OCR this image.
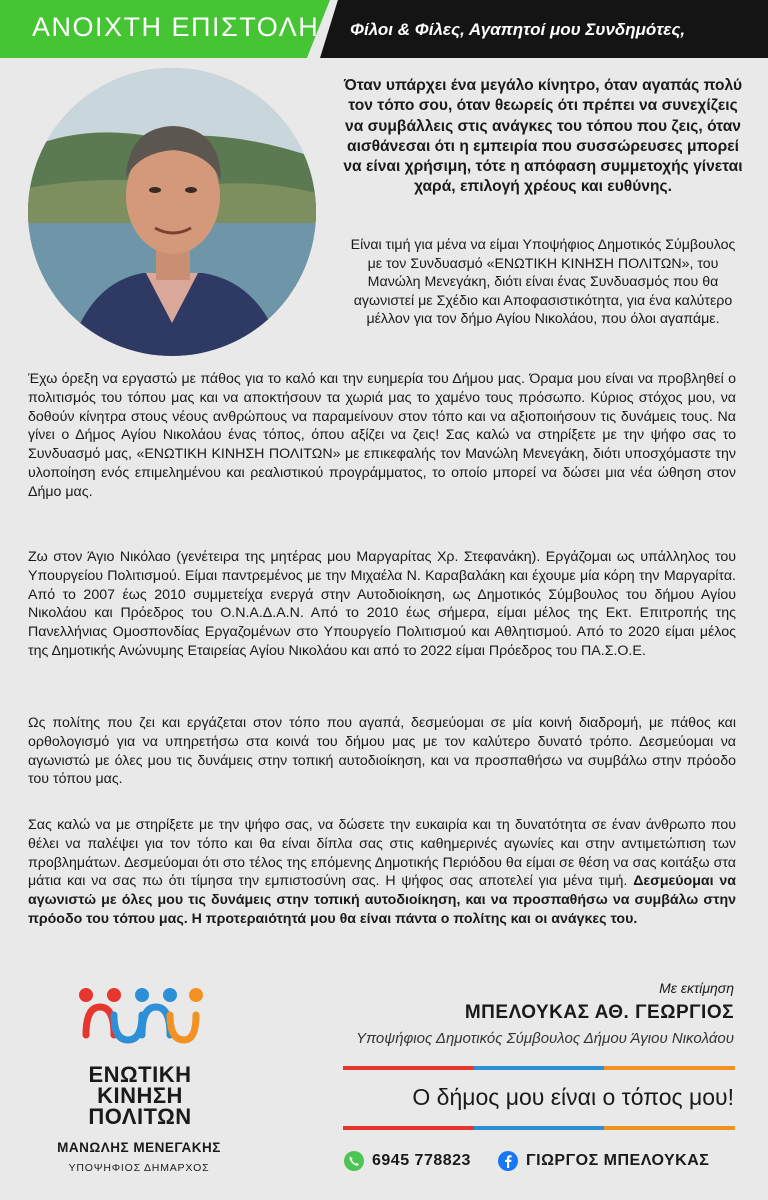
ΑΝΟΙΧΤΗ ΕΠΙΣΤΟΛΗ Φίλοι & Φίλες, Αγαπητοί μου Συνδημότες,
Όταν υπάρχει ένα μεγάλο κίνητρο, όταν αγαπάς πολύ τον τόπο σου, όταν θεωρείς ότι πρέπει να συνεχίζεις να συμβάλλεις στις ανάγκες του τόπου που ζεις, όταν αισθάνεσαι ότι η εμπειρία που συσσώρευσες μπορεί να είναι χρήσιμη, τότε η απόφαση συμμετοχής γίνεται χαρά, επιλογή χρέους και ευθύνης.
Είναι τιμή για μένα να είμαι Υποψήφιος Δημοτικός Σύμβουλος με τον Συνδυασμό «ΕΝΩΤΙΚΗ ΚΙΝΗΣΗ ΠΟΛΙΤΩΝ», του Μανώλη Μενεγάκη, διότι είναι ένας Συνδυασμός που θα αγωνιστεί με Σχέδιο και Αποφασιστικότητα, για ένα καλύτερο μέλλον για τον δήμο Αγίου Νικολάου, που όλοι αγαπάμε.
Έχω όρεξη να εργαστώ με πάθος για το καλό και την ευημερία του Δήμου μας. Όραμα μου είναι να προβληθεί ο πολιτισμός του τόπου μας και να αποκτήσουν τα χωριά μας το χαμένο τους πρόσωπο. Κύριος στόχος μου, να δοθούν κίνητρα στους νέους ανθρώπους να παραμείνουν στον τόπο και να αξιοποιήσουν τις δυνάμεις τους. Να γίνει ο Δήμος Αγίου Νικολάου ένας τόπος, όπου αξίζει να ζεις! Σας καλώ να στηρίξετε με την ψήφο σας το Συνδυασμό μας, «ΕΝΩΤΙΚΗ ΚΙΝΗΣΗ ΠΟΛΙΤΩΝ» με επικεφαλής τον Μανώλη Μενεγάκη, διότι υποσχόμαστε την υλοποίηση ενός επιμελημένου και ρεαλιστικού προγράμματος, το οποίο μπορεί να δώσει μια νέα ώθηση στον Δήμο μας.
Ζω στον Άγιο Νικόλαο (γενέτειρα της μητέρας μου Μαργαρίτας Χρ. Στεφανάκη). Εργάζομαι ως υπάλληλος του Υπουργείου Πολιτισμού. Είμαι παντρεμένος με την Μιχαέλα Ν. Καραβαλάκη και έχουμε μία κόρη την Μαργαρίτα. Από το 2007 έως 2010 συμμετείχα ενεργά στην Αυτοδιοίκηση, ως Δημοτικός Σύμβουλος του δήμου Αγίου Νικολάου και Πρόεδρος του Ο.Ν.Α.Δ.Α.Ν. Από το 2010 έως σήμερα, είμαι μέλος της Εκτ. Επιτροπής της Πανελλήνιας Ομοσπονδίας Εργαζομένων στο Υπουργείο Πολιτισμού και Αθλητισμού. Από το 2020 είμαι μέλος της Δημοτικής Ανώνυμης Εταιρείας Αγίου Νικολάου και από το 2022 είμαι Πρόεδρος του ΠΑ.Σ.Ο.Ε.
Ως πολίτης που ζει και εργάζεται στον τόπο που αγαπά, δεσμεύομαι σε μία κοινή διαδρομή, με πάθος και ορθολογισμό για να υπηρετήσω στα κοινά του δήμου μας με τον καλύτερο δυνατό τρόπο. Δεσμεύομαι να αγωνιστώ με όλες μου τις δυνάμεις στην τοπική αυτοδιοίκηση, και να προσπαθήσω να συμβάλω στην πρόοδο του τόπου μας.
Σας καλώ να με στηρίξετε με την ψήφο σας, να δώσετε την ευκαιρία και τη δυνατότητα σε έναν άνθρωπο που θέλει να παλέψει για τον τόπο και θα είναι δίπλα σας στις καθημερινές αγωνίες και στην αντιμετώπιση των προβλημάτων. Δεσμεύομαι ότι στο τέλος της επόμενης Δημοτικής Περιόδου θα είμαι σε θέση να σας κοιτάξω στα μάτια και να σας πω ότι τίμησα την εμπιστοσύνη σας. Η ψήφος σας αποτελεί για μένα τιμή. Δεσμεύομαι να αγωνιστώ με όλες μου τις δυνάμεις στην τοπική αυτοδιοίκηση, και να προσπαθήσω να συμβάλω στην πρόοδο του τόπου μας. Η προτεραιότητά μου θα είναι πάντα ο πολίτης και οι ανάγκες του.
ΕΝΩΤΙΚΗ
ΚΙΝΗΣΗ
ΠΟΛΙΤΩΝ
ΜΑΝΩΛΗΣ ΜΕΝΕΓΑΚΗΣ
ΥΠΟΨΗΦΙΟΣ ΔΗΜΑΡΧΟΣ
Με εκτίμηση
ΜΠΕΛΟΥΚΑΣ ΑΘ. ΓΕΩΡΓΙΟΣ
Υποψήφιος Δημοτικός Σύμβουλος Δήμου Άγιου Νικολάου
Ο δήμος μου είναι ο τόπος μου!
6945 778823	ΓΙΩΡΓΟΣ ΜΠΕΛΟΥΚΑΣ
